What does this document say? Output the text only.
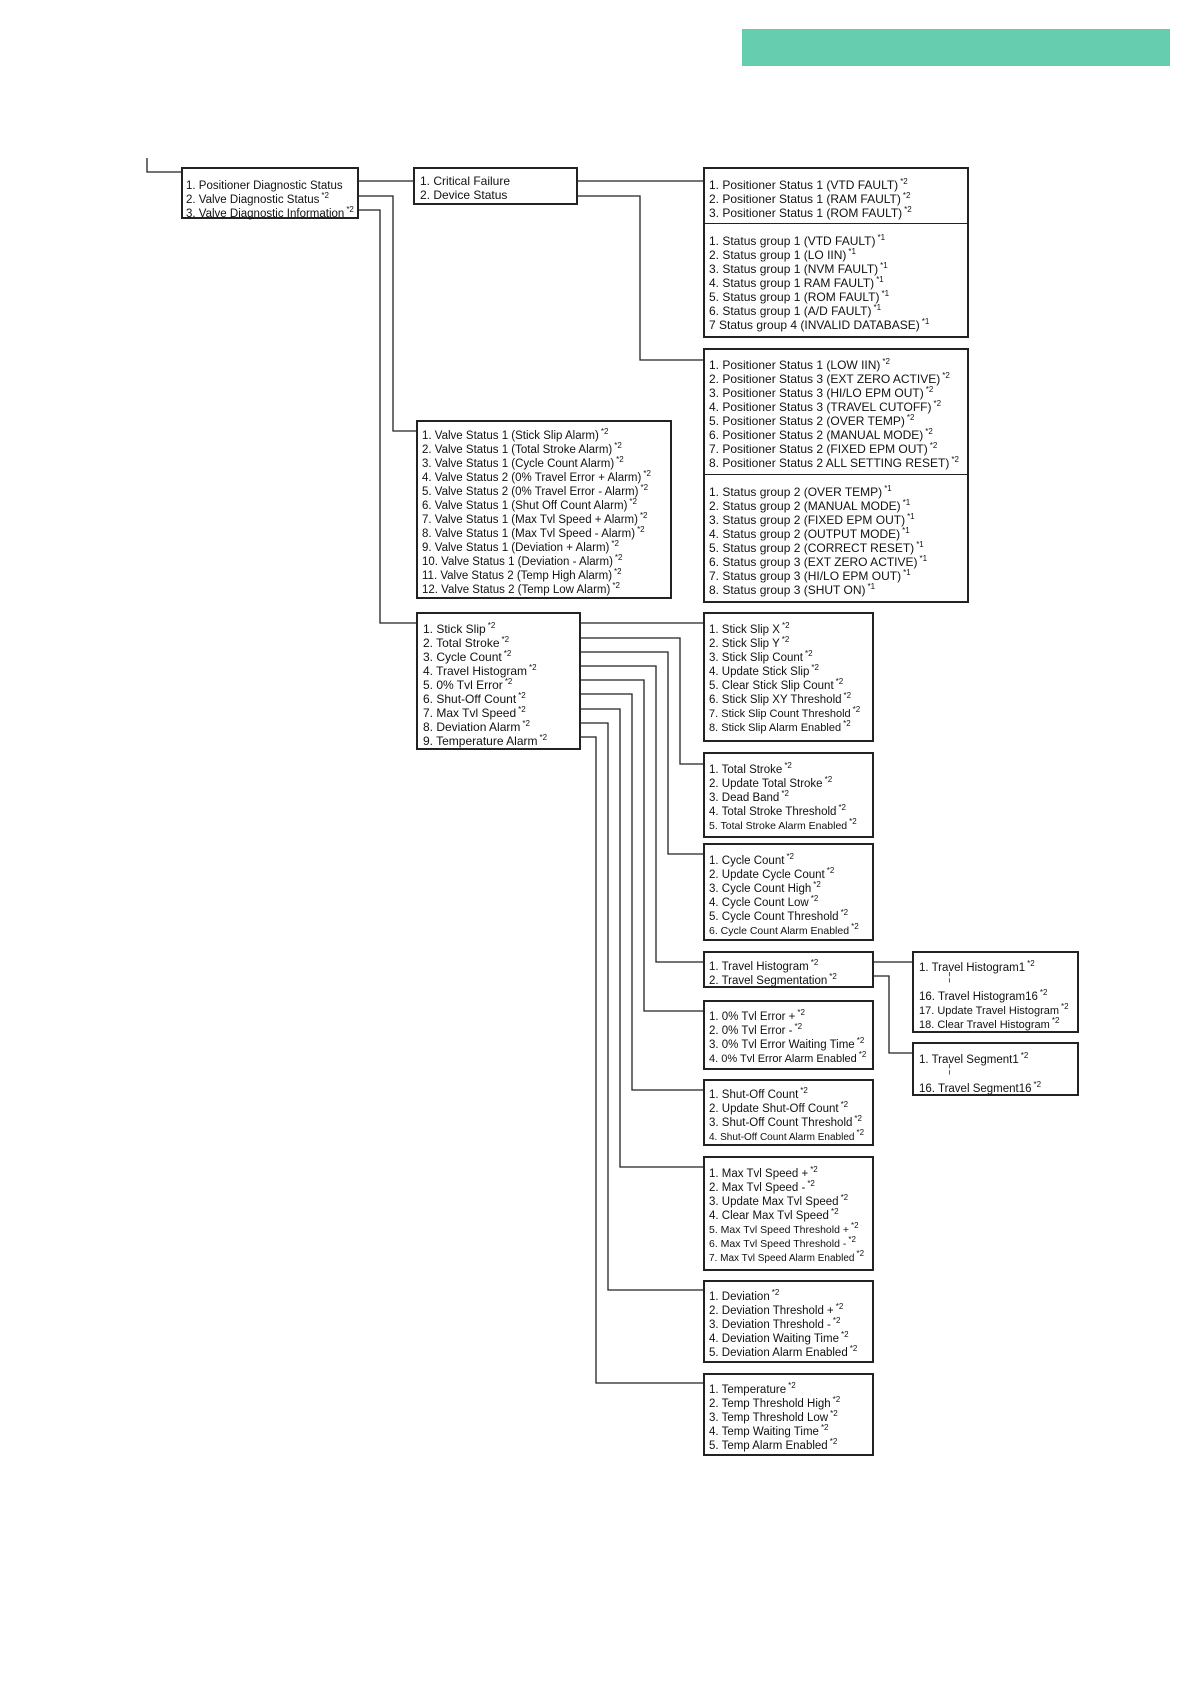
1. Positioner Diagnostic Status
2. Valve Diagnostic Status $^{*2}$
3. Valve Diagnostic Information $^{*2}$
1. Critical Failure
2. Device Status
1. Positioner Status 1 (VTD FAULT) $^{*2}$
2. Positioner Status 1 (RAM FAULT) $^{*2}$
3. Positioner Status 1 (ROM FAULT) $^{*2}$
1. Status group 1 (VTD FAULT) $^{*1}$
2. Status group 1 (LO IIN) $^{*1}$
3. Status group 1 (NVM FAULT) $^{*1}$
4. Status group 1 RAM FAULT) $^{*1}$
5. Status group 1 (ROM FAULT) $^{*1}$
6. Status group 1 (A/D FAULT) $^{*1}$
7 Status group 4 (INVALID DATABASE) $^{*1}$
1. Positioner Status 1 (LOW IIN) $^{*2}$
2. Positioner Status 3 (EXT ZERO ACTIVE) $^{*2}$
3. Positioner Status 3 (HI/LO EPM OUT) $^{*2}$
4. Positioner Status 3 (TRAVEL CUTOFF) $^{*2}$
5. Positioner Status 2 (OVER TEMP) $^{*2}$
6. Positioner Status 2 (MANUAL MODE) $^{*2}$
7. Positioner Status 2 (FIXED EPM OUT) $^{*2}$
8. Positioner Status 2 ALL SETTING RESET) $^{*2}$
1. Status group 2 (OVER TEMP) $^{*1}$
2. Status group 2 (MANUAL MODE) $^{*1}$
3. Status group 2 (FIXED EPM OUT) $^{*1}$
4. Status group 2 (OUTPUT MODE) $^{*1}$
5. Status group 2 (CORRECT RESET) $^{*1}$
6. Status group 3 (EXT ZERO ACTIVE) $^{*1}$
7. Status group 3 (HI/LO EPM OUT) $^{*1}$
8. Status group 3 (SHUT ON) $^{*1}$
1. Valve Status 1 (Stick Slip Alarm) $^{*2}$
2. Valve Status 1 (Total Stroke Alarm) $^{*2}$
3. Valve Status 1 (Cycle Count Alarm) $^{*2}$
4. Valve Status 2 (0% Travel Error + Alarm) $^{*2}$
5. Valve Status 2 (0% Travel Error - Alarm) $^{*2}$
6. Valve Status 1 (Shut Off Count Alarm) $^{*2}$
7. Valve Status 1 (Max Tvl Speed + Alarm) $^{*2}$
8. Valve Status 1 (Max Tvl Speed - Alarm) $^{*2}$
9. Valve Status 1 (Deviation + Alarm) $^{*2}$
10. Valve Status 1 (Deviation - Alarm) $^{*2}$
11. Valve Status 2 (Temp High Alarm) $^{*2}$
12. Valve Status 2 (Temp Low Alarm) $^{*2}$
1. Stick Slip $^{*2}$
2. Total Stroke $^{*2}$
3. Cycle Count $^{*2}$
4. Travel Histogram $^{*2}$
5. 0% Tvl Error $^{*2}$
6. Shut-Off Count $^{*2}$
7. Max Tvl Speed $^{*2}$
8. Deviation Alarm $^{*2}$
9. Temperature Alarm $^{*2}$
1. Stick Slip X $^{*2}$
2. Stick Slip Y $^{*2}$
3. Stick Slip Count $^{*2}$
4. Update Stick Slip $^{*2}$
5. Clear Stick Slip Count $^{*2}$
6. Stick Slip XY Threshold $^{*2}$
7. Stick Slip Count Threshold $^{*2}$
8. Stick Slip Alarm Enabled $^{*2}$
1. Total Stroke $^{*2}$
2. Update Total Stroke $^{*2}$
3. Dead Band $^{*2}$
4. Total Stroke Threshold $^{*2}$
5. Total Stroke Alarm Enabled $^{*2}$
1. Cycle Count $^{*2}$
2. Update Cycle Count $^{*2}$
3. Cycle Count High $^{*2}$
4. Cycle Count Low $^{*2}$
5. Cycle Count Threshold $^{*2}$
6. Cycle Count Alarm Enabled $^{*2}$
1. Travel Histogram $^{*2}$
2. Travel Segmentation $^{*2}$
1. Travel Histogram1 $^{*2}$
¦
16. Travel Histogram16 $^{*2}$
17. Update Travel Histogram $^{*2}$
18. Clear Travel Histogram $^{*2}$
1. Travel Segment1 $^{*2}$
¦
16. Travel Segment16 $^{*2}$
1. 0% Tvl Error + $^{*2}$
2. 0% Tvl Error - $^{*2}$
3. 0% Tvl Error Waiting Time $^{*2}$
4. 0% Tvl Error Alarm Enabled $^{*2}$
1. Shut-Off Count $^{*2}$
2. Update Shut-Off Count $^{*2}$
3. Shut-Off Count Threshold $^{*2}$
4. Shut-Off Count Alarm Enabled $^{*2}$
1. Max Tvl Speed + $^{*2}$
2. Max Tvl Speed - $^{*2}$
3. Update Max Tvl Speed $^{*2}$
4. Clear Max Tvl Speed $^{*2}$
5. Max Tvl Speed Threshold + $^{*2}$
6. Max Tvl Speed Threshold - $^{*2}$
7. Max Tvl Speed Alarm Enabled $^{*2}$
1. Deviation $^{*2}$
2. Deviation Threshold + $^{*2}$
3. Deviation Threshold - $^{*2}$
4. Deviation Waiting Time $^{*2}$
5. Deviation Alarm Enabled $^{*2}$
1. Temperature $^{*2}$
2. Temp Threshold High $^{*2}$
3. Temp Threshold Low $^{*2}$
4. Temp Waiting Time $^{*2}$
5. Temp Alarm Enabled $^{*2}$
